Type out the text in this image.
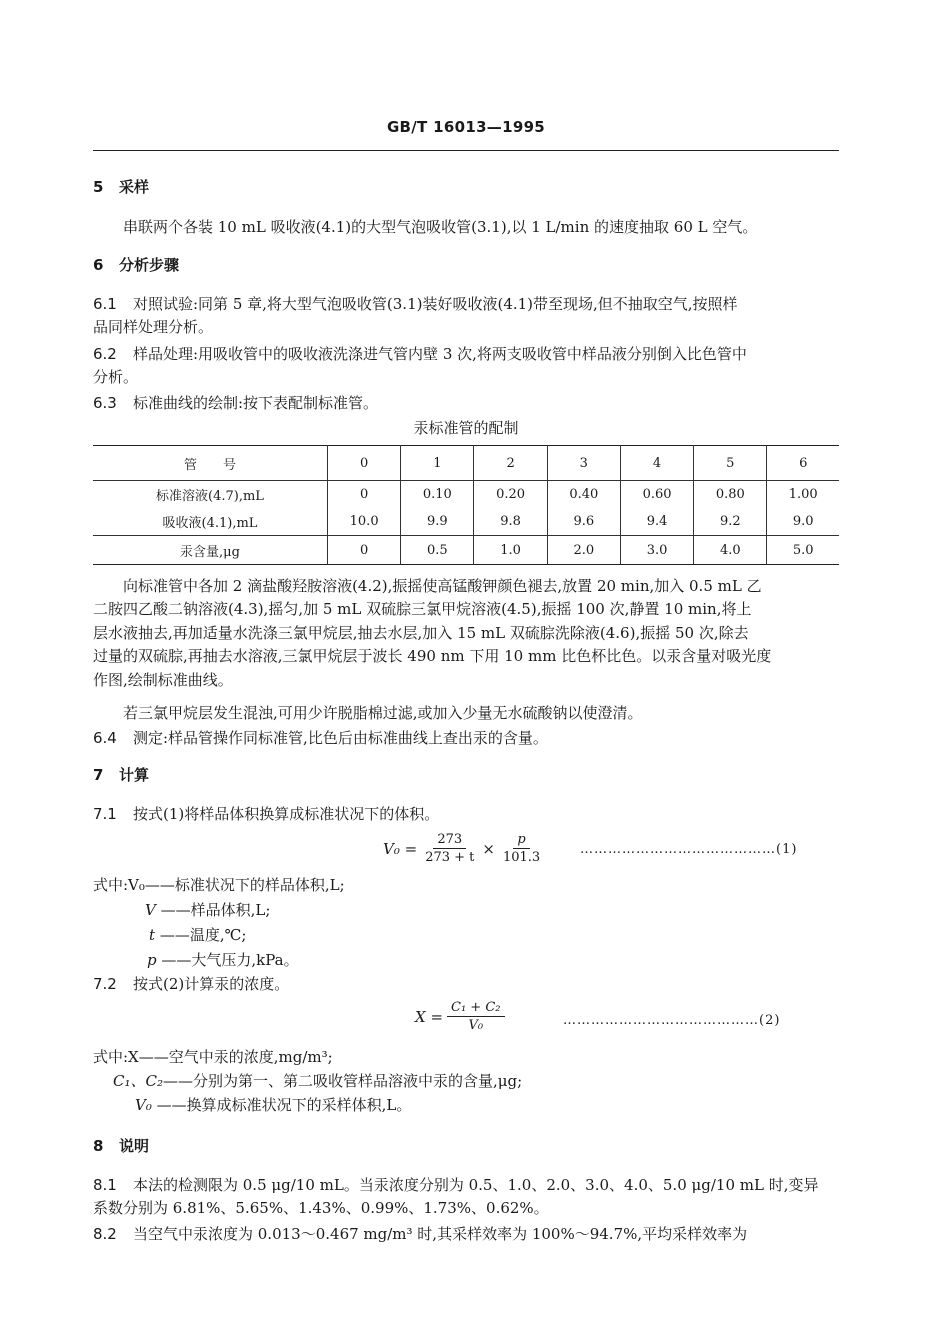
GB/T 16013—1995
5 采样
串联两个各装 10 mL 吸收液(4.1)的大型气泡吸收管(3.1),以 1 L/min 的速度抽取 60 L 空气。
6 分析步骤
6.1 对照试验:同第 5 章,将大型气泡吸收管(3.1)装好吸收液(4.1)带至现场,但不抽取空气,按照样
品同样处理分析。
6.2 样品处理:用吸收管中的吸收液洗涤进气管内壁 3 次,将两支吸收管中样品液分别倒入比色管中
分析。
6.3 标准曲线的绘制:按下表配制标准管。
汞标准管的配制
管　　号	0	1	2	3	4	5	6
标准溶液(4.7),mL	0	0.10	0.20	0.40	0.60	0.80	1.00
吸收液(4.1),mL	10.0	9.9	9.8	9.6	9.4	9.2	9.0
汞含量,μg	0	0.5	1.0	2.0	3.0	4.0	5.0
向标准管中各加 2 滴盐酸羟胺溶液(4.2),振摇使高锰酸钾颜色褪去,放置 20 min,加入 0.5 mL 乙
二胺四乙酸二钠溶液(4.3),摇匀,加 5 mL 双硫腙三氯甲烷溶液(4.5),振摇 100 次,静置 10 min,将上
层水液抽去,再加适量水洗涤三氯甲烷层,抽去水层,加入 15 mL 双硫腙洗除液(4.6),振摇 50 次,除去
过量的双硫腙,再抽去水溶液,三氯甲烷层于波长 490 nm 下用 10 mm 比色杯比色。以汞含量对吸光度
作图,绘制标准曲线。
若三氯甲烷层发生混浊,可用少许脱脂棉过滤,或加入少量无水硫酸钠以使澄清。
6.4 测定:样品管操作同标准管,比色后由标准曲线上查出汞的含量。
7 计算
7.1 按式(1)将样品体积换算成标准状况下的体积。
$V_0 = \frac{273}{273 + t} \times \frac{p}{101.3}$	……………………………………(1)
式中:V₀——标准状况下的样品体积,L;
V ——样品体积,L;
t ——温度,℃;
p ——大气压力,kPa。
7.2 按式(2)计算汞的浓度。
$X = \frac{\text{C₁ + C₂}}{\text{V₀}}$	……………………………………(2)
式中:X——空气中汞的浓度,mg/m³;
C₁、C₂——分别为第一、第二吸收管样品溶液中汞的含量,μg;
V₀ ——换算成标准状况下的采样体积,L。
8 说明
8.1 本法的检测限为 0.5 μg/10 mL。当汞浓度分别为 0.5、1.0、2.0、3.0、4.0、5.0 μg/10 mL 时,变异
系数分别为 6.81%、5.65%、1.43%、0.99%、1.73%、0.62%。
8.2 当空气中汞浓度为 0.013～0.467 mg/m³ 时,其采样效率为 100%～94.7%,平均采样效率为
